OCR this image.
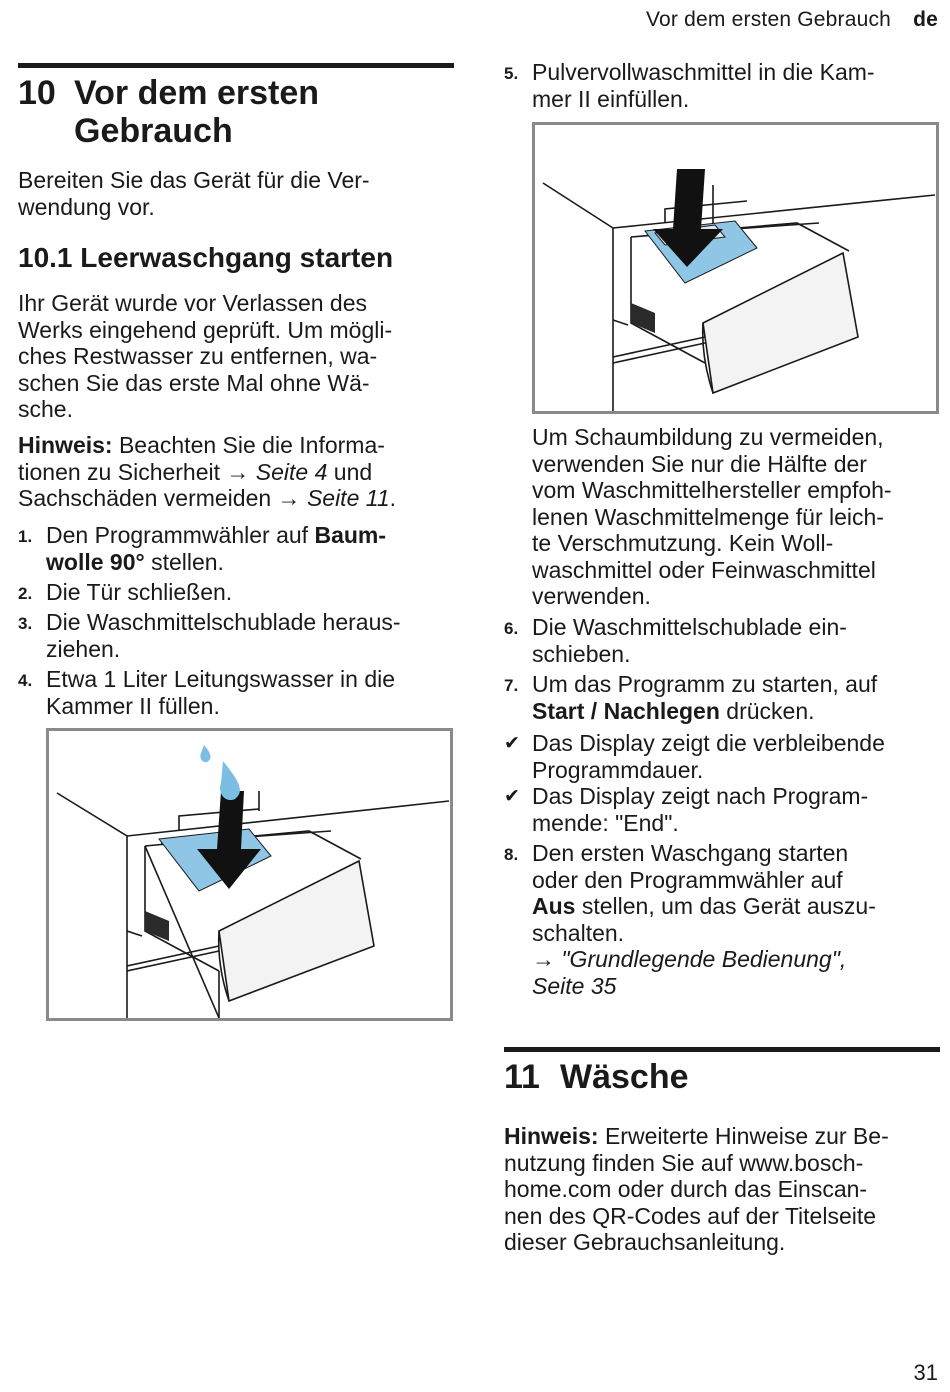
Vor dem ersten Gebrauch de
10 Vor dem ersten
Gebrauch
Bereiten Sie das Gerät für die Ver-
wendung vor.
10.1 Leerwaschgang starten
Ihr Gerät wurde vor Verlassen des
Werks eingehend geprüft. Um mögli-
ches Restwasser zu entfernen, wa-
schen Sie das erste Mal ohne Wä-
sche.
Hinweis: Beachten Sie die Informa-
tionen zu Sicherheit → Seite 4 und
Sachschäden vermeiden → Seite 11.
1. Den Programmwähler auf Baum-
wolle 90° stellen.
2. Die Tür schließen.
3. Die Waschmittelschublade heraus-
ziehen.
4. Etwa 1 Liter Leitungswasser in die
Kammer II füllen.
5. Pulvervollwaschmittel in die Kam-
mer II einfüllen.
Um Schaumbildung zu vermeiden,
verwenden Sie nur die Hälfte der
vom Waschmittelhersteller empfoh-
lenen Waschmittelmenge für leich-
te Verschmutzung. Kein Woll-
waschmittel oder Feinwaschmittel
verwenden.
6. Die Waschmittelschublade ein-
schieben.
7. Um das Programm zu starten, auf
Start / Nachlegen drücken.
✔ Das Display zeigt die verbleibende
Programmdauer.
✔ Das Display zeigt nach Program-
mende: "End".
8. Den ersten Waschgang starten
oder den Programmwähler auf
Aus stellen, um das Gerät auszu-
schalten.
→ "Grundlegende Bedienung",
Seite 35
11 Wäsche
Hinweis: Erweiterte Hinweise zur Be-
nutzung finden Sie auf www.bosch-
home.com oder durch das Einscan-
nen des QR-Codes auf der Titelseite
dieser Gebrauchsanleitung.
31
